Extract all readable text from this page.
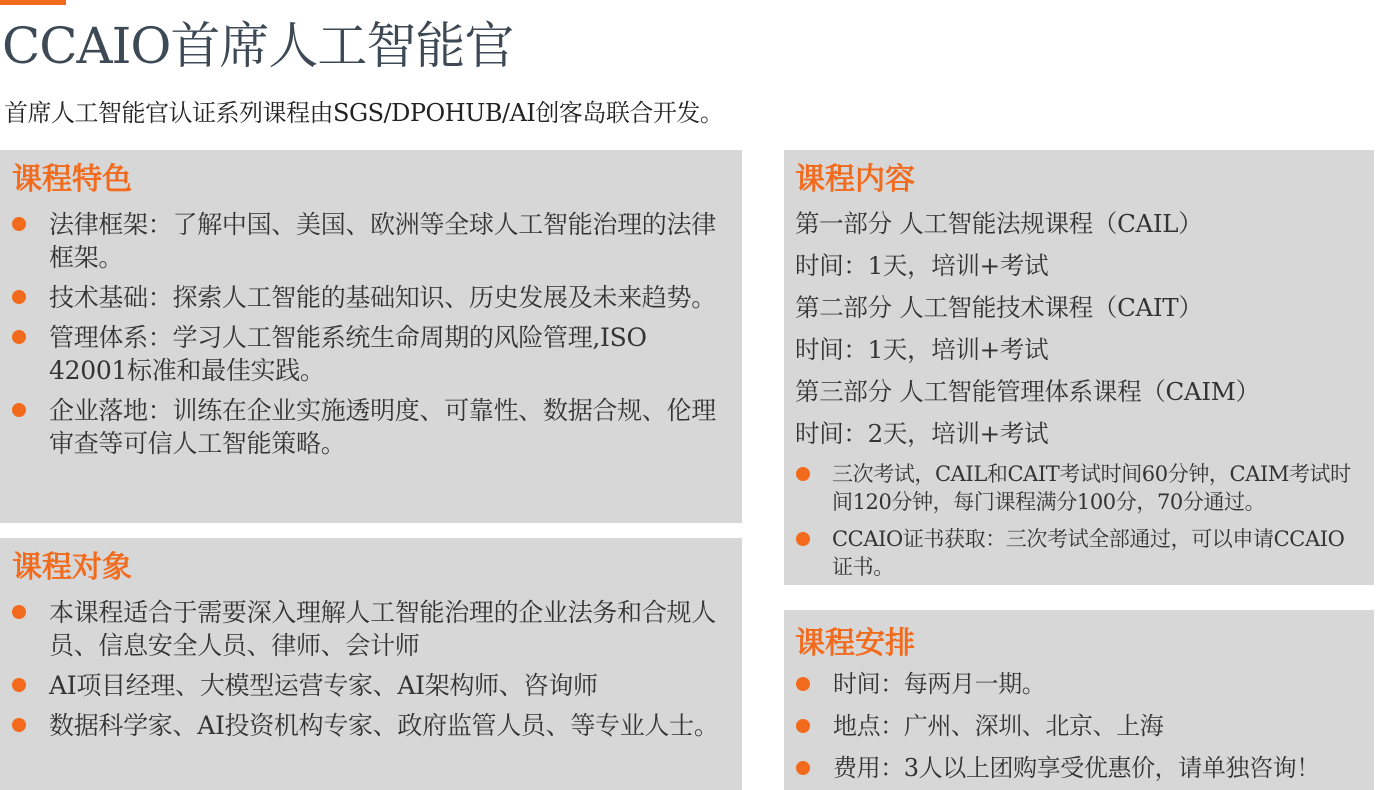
CCAIO首席人工智能官

首席人工智能官认证系列课程由SGS/DPOHUB/AI创客岛联合开发。

课程特色
法律框架：了解中国、美国、欧洲等全球人工智能治理的法律框架。
技术基础：探索人工智能的基础知识、历史发展及未来趋势。
管理体系：学习人工智能系统生命周期的风险管理,ISO 42001标准和最佳实践。
企业落地：训练在企业实施透明度、可靠性、数据合规、伦理审查等可信人工智能策略。
课程对象
本课程适合于需要深入理解人工智能治理的企业法务和合规人员、信息安全人员、律师、会计师
AI项目经理、大模型运营专家、AI架构师、咨询师
数据科学家、AI投资机构专家、政府监管人员、等专业人士。
课程内容
第一部分 人工智能法规课程（CAIL）
时间：1天，培训+考试
第二部分 人工智能技术课程（CAIT）
时间：1天，培训+考试
第三部分 人工智能管理体系课程（CAIM）
时间：2天，培训+考试
三次考试，CAIL和CAIT考试时间60分钟，CAIM考试时间120分钟，每门课程满分100分，70分通过。
CCAIO证书获取：三次考试全部通过，可以申请CCAIO证书。
课程安排
时间：每两月一期。
地点：广州、深圳、北京、上海
费用：3人以上团购享受优惠价，请单独咨询！
